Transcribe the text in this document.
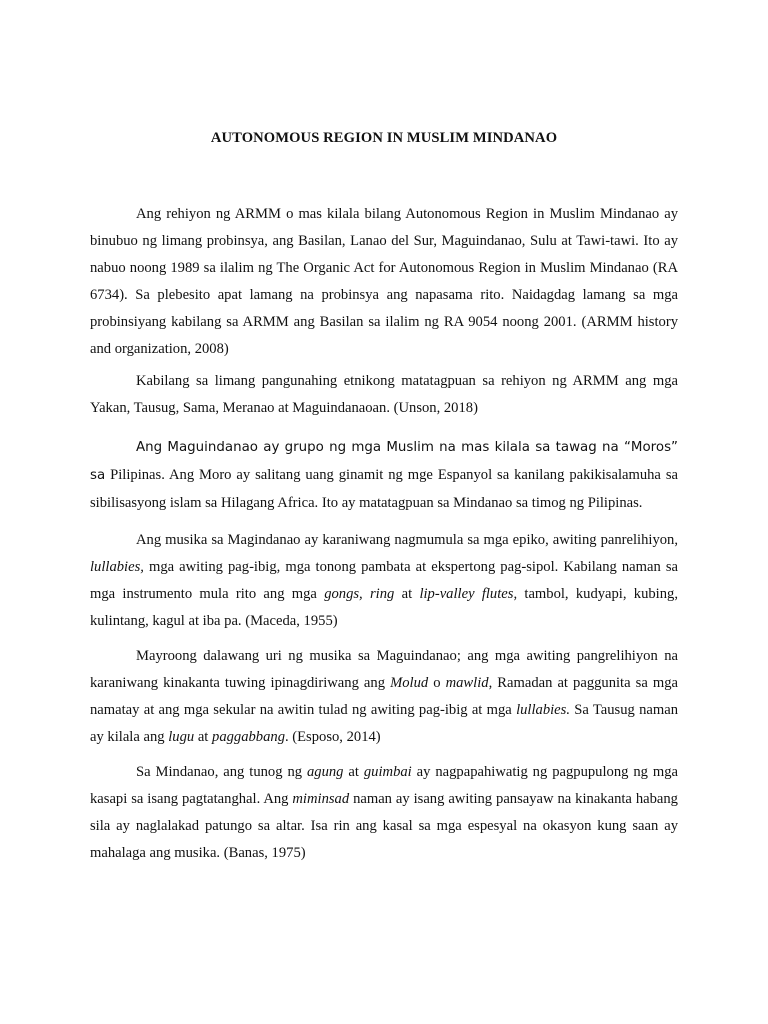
AUTONOMOUS REGION IN MUSLIM MINDANAO

Ang rehiyon ng ARMM o mas kilala bilang Autonomous Region in Muslim Mindanao ay binubuo ng limang probinsya, ang Basilan, Lanao del Sur, Maguindanao, Sulu at Tawi-tawi. Ito ay nabuo noong 1989 sa ilalim ng The Organic Act for Autonomous Region in Muslim Mindanao (RA 6734). Sa plebesito apat lamang na probinsya ang napasama rito. Naidagdag lamang sa mga probinsiyang kabilang sa ARMM ang Basilan sa ilalim ng RA 9054 noong 2001. (ARMM history and organization, 2008)

Kabilang sa limang pangunahing etnikong matatagpuan sa rehiyon ng ARMM ang mga Yakan, Tausug, Sama, Meranao at Maguindanaoan. (Unson, 2018)

Ang Maguindanao ay grupo ng mga Muslim na mas kilala sa tawag na “Moros” sa Pilipinas. Ang Moro ay salitang uang ginamit ng mge Espanyol sa kanilang pakikisalamuha sa sibilisasyong islam sa Hilagang Africa. Ito ay matatagpuan sa Mindanao sa timog ng Pilipinas.

Ang musika sa Magindanao ay karaniwang nagmumula sa mga epiko, awiting panrelihiyon, lullabies, mga awiting pag-ibig, mga tonong pambata at ekspertong pag-sipol. Kabilang naman sa mga instrumento mula rito ang mga gongs, ring at lip-valley flutes, tambol, kudyapi, kubing, kulintang, kagul at iba pa. (Maceda, 1955)

Mayroong dalawang uri ng musika sa Maguindanao; ang mga awiting pangrelihiyon na karaniwang kinakanta tuwing ipinagdiriwang ang Molud o mawlid, Ramadan at paggunita sa mga namatay at ang mga sekular na awitin tulad ng awiting pag-ibig at mga lullabies. Sa Tausug naman ay kilala ang lugu at paggabbang. (Esposo, 2014)

Sa Mindanao, ang tunog ng agung at guimbai ay nagpapahiwatig ng pagpupulong ng mga kasapi sa isang pagtatanghal. Ang miminsad naman ay isang awiting pansayaw na kinakanta habang sila ay naglalakad patungo sa altar. Isa rin ang kasal sa mga espesyal na okasyon kung saan ay mahalaga ang musika. (Banas, 1975)
